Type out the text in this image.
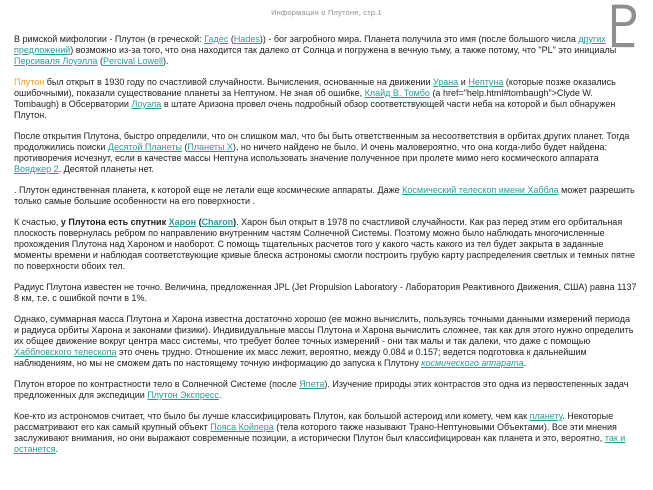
Информация о Плутоне, стр.1	♇

В римской мифологии - Плутон (в греческой: Гадес (Hades)) - бог загробного мира. Планета получила это имя (после большого числа других предложений) возможно из-за того, что она находится так далеко от Солнца и погружена в вечную тьму, а также потому, что "PL" это инициалы Персиваля Лоуэлла (Percival Lowell).

Плутон был открыт в 1930 году по счастливой случайности. Вычисления, основанные на движении Урана и Нептуна (которые позже оказались ошибочными), показали существование планеты за Нептуном. Не зная об ошибке, Клайд В. Томбо (a href="help.html#tombaugh">Clyde W. Tombaugh) в Обсерватории Лоуэла в штате Аризона провел очень подробный обзор соответствующей части неба на которой и был обнаружен Плутон.

После открытия Плутона, быстро определили, что он слишком мал, что бы быть ответственным за несоответствия в орбитах других планет. Тогда продолжились поиски Десятой Планеты (Планеты X), но ничего найдено не было. И очень маловероятно, что она когда-либо будет найдена: противоречия исчезнут, если в качестве массы Нептуна использовать значение полученное при пролете мимо него космического аппарата Вояджер 2. Десятой планеты нет.

. Плутон единственная планета, к которой еще не летали еще космические аппараты. Даже Космический телескоп имени Хаббла может разрешить только самые большие особенности на его поверхности .

К счастью, у Плутона есть спутник Харон (Charon). Харон был открыт в 1978 по счастливой случайности. Как раз перед этим его орбитальная плоскость повернулась ребром по направлению внутренним частям Солнечной Системы. Поэтому можно было наблюдать многочисленные прохождения Плутона над Хароном и наоборот. С помощь тщательных расчетов того у какого часть какого из тел будет закрыта в заданные моменты времени и наблюдая соответствующие кривые блеска астрономы смогли построить грубую карту распределения светлых и темных пятне по поверхности обоих тел.

Радиус Плутона известен не точно. Величина, предложенная JPL (Jet Propulsion Laboratory - Лаборатория Реактивного Движения, США) равна 1137 8 км, т.е. с ошибкой почти в 1%.

Однако, суммарная масса Плутона и Харона известна достаточно хорошо (ее можно вычислить, пользуясь точными данными измерений периода и радиуса орбиты Харона и законами физики). Индивидуальные массы Плутона и Харона вычислить сложнее, так как для этого нужно определить их общее движение вокруг центра масс системы, что требует более точных измерений - они так малы и так далеки, что даже с помощью Хаббловского телескопа это очень трудно. Отношение их масс лежит, вероятно, между 0.084 и 0.157; ведется подготовка к дальнейшим наблюдениям, но мы не сможем дать по настоящему точную информацию до запуска к Плутону космического аппарата.

Плутон второе по контрастности тело в Солнечной Системе (после Япета). Изучение природы этих контрастов это одна из первостепенных задач предложенных для экспедиции Плутон Экспресс.

Кое-кто из астрономов считает, что было бы лучше классифицировать Плутон, как большой астероид или комету, чем как планету. Некоторые рассматривают его как самый крупный объект Пояса Койпера (тела которого также называют Трано-Нептуновыми Объектами). Все эти мнения заслуживают внимания, но они выражают современные позиции, а исторически Плутон был классифицирован как планета и это, вероятно, так и останется.
